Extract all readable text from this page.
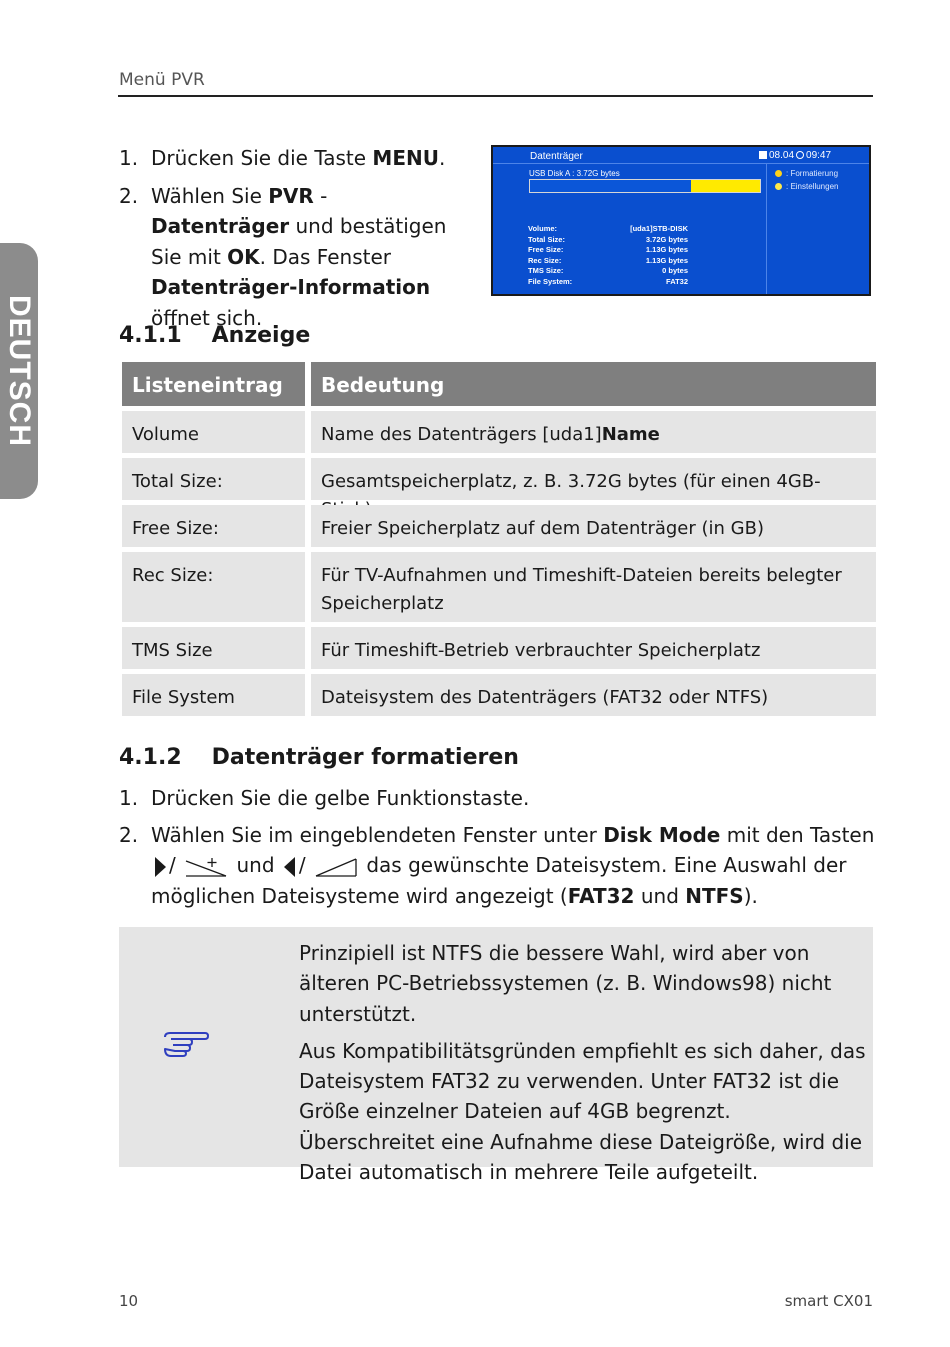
Menü PVR
DEUTSCH
1. Drücken Sie die Taste MENU.
2. Wählen Sie PVR - Datenträger und bestätigen Sie mit OK. Das Fenster Datenträger-Information öffnet sich.
Datenträger	08.04 09:47
USB Disk A : 3.72G bytes	: Formatierung
: Einstellungen
Volume:	[uda1]STB-DISK
Total Size:	3.72G bytes
Free Size:	1.13G bytes
Rec Size:	1.13G bytes
TMS Size:	0 bytes
File System:	FAT32
4.1.1 Anzeige
Listeneintrag	Bedeutung
Volume	Name des Datenträgers [uda1]Name
Total Size:	Gesamtspeicherplatz, z. B. 3.72G bytes (für einen 4GB-
Free Size:	Freier Speicherplatz auf dem Datenträger (in GB)
Rec Size:	Für TV-Aufnahmen und Timeshift-Dateien bereits belegter Speicherplatz
TMS Size	Für Timeshift-Betrieb verbrauchter Speicherplatz
File System	Dateisystem des Datenträgers (FAT32 oder NTFS)
4.1.2 Datenträger formatieren
1. Drücken Sie die gelbe Funktionstaste.
2. Wählen Sie im eingeblendeten Fenster unter Disk Mode mit den Tasten
/	und /	das gewünschte Dateisystem. Eine Auswahl der möglichen Dateisysteme wird angezeigt (FAT32 und NTFS).

Prinzipiell ist NTFS die bessere Wahl, wird aber von älteren PC-Betriebssystemen (z. B. Windows98) nicht unterstützt.

Aus Kompatibilitätsgründen empfiehlt es sich daher, das Dateisystem FAT32 zu verwenden. Unter FAT32 ist die Größe einzelner Dateien auf 4GB begrenzt. Überschreitet eine Aufnahme diese Dateigröße, wird die Datei automatisch in mehrere Teile aufgeteilt.

10	smart CX01
